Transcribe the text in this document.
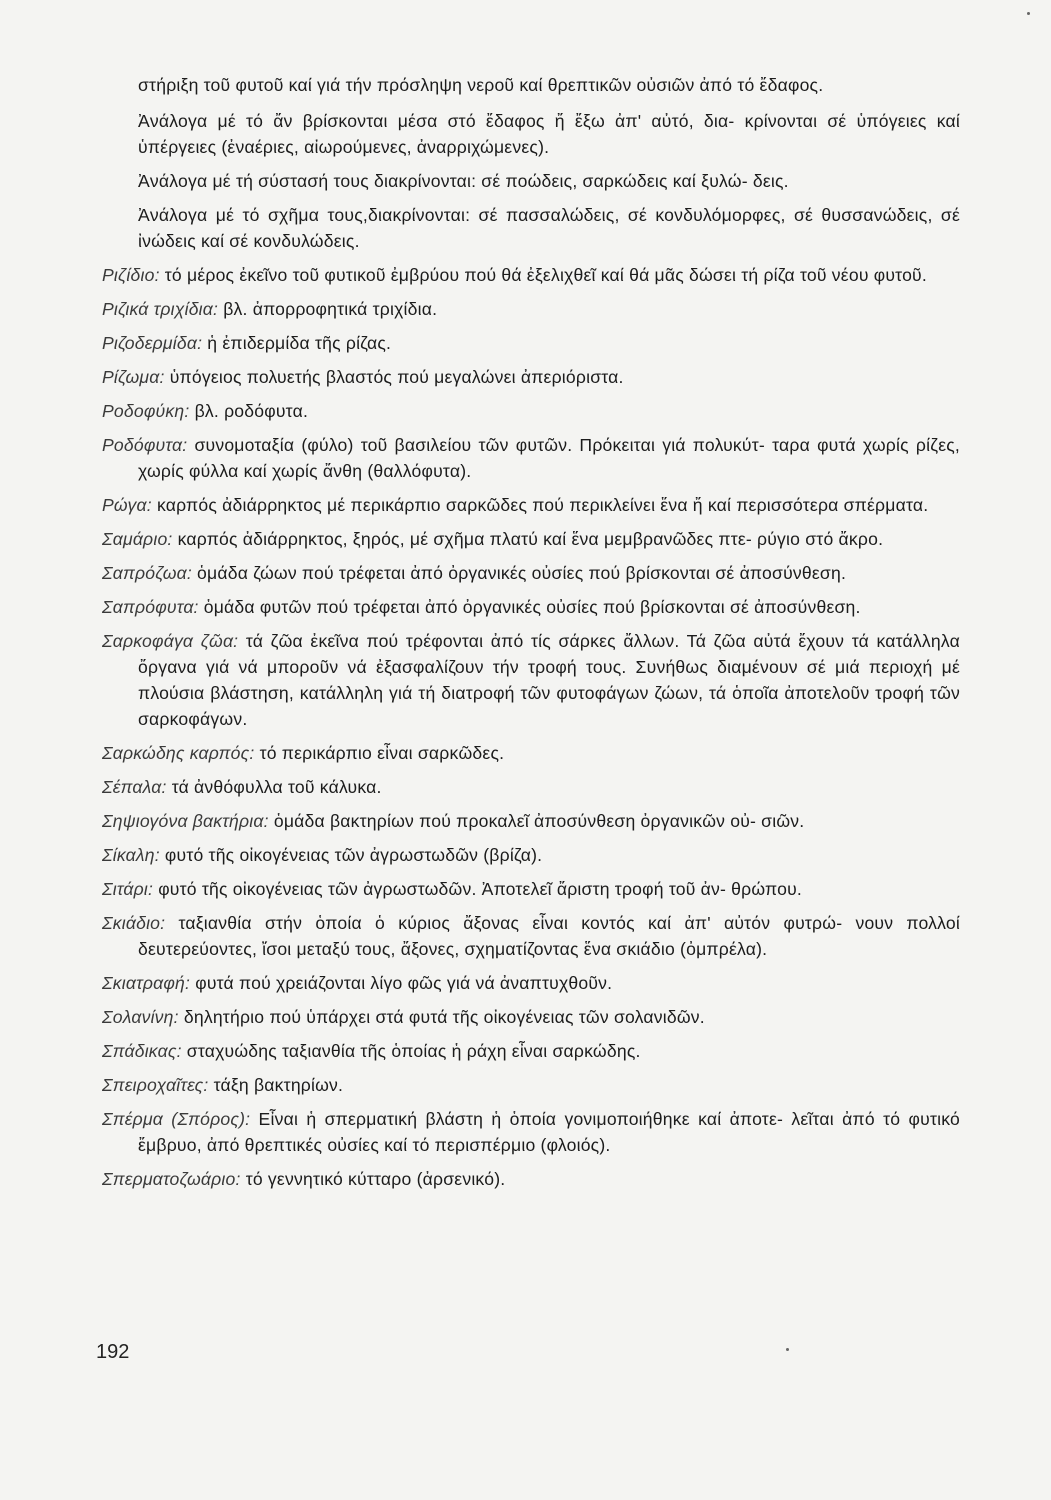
στήριξη τοῦ φυτοῦ καί γιά τήν πρόσληψη νεροῦ καί θρεπτικῶν οὐσιῶν ἀπό τό ἔδαφος.

Ἀνάλογα μέ τό ἄν βρίσκονται μέσα στό ἔδαφος ἤ ἔξω ἀπ' αὐτό, δια- κρίνονται σέ ὑπόγειες καί ὑπέργειες (ἐναέριες, αἰωρούμενες, ἀναρριχώμενες).

Ἀνάλογα μέ τή σύστασή τους διακρίνονται: σέ ποώδεις, σαρκώδεις καί ξυλώ- δεις.

Ἀνάλογα μέ τό σχῆμα τους,διακρίνονται: σέ πασσαλώδεις, σέ κονδυλόμορφες, σέ θυσσανώδεις, σέ ἰνώδεις καί σέ κονδυλώδεις.

Ριζίδιο: τό μέρος ἐκεῖνο τοῦ φυτικοῦ ἐμβρύου πού θά ἐξελιχθεῖ καί θά μᾶς δώσει τή ρίζα τοῦ νέου φυτοῦ.
Ριζικά τριχίδια: βλ. ἀπορροφητικά τριχίδια.
Ριζοδερμίδα: ἡ ἐπιδερμίδα τῆς ρίζας.
Ρίζωμα: ὑπόγειος πολυετής βλαστός πού μεγαλώνει ἀπεριόριστα.
Ροδοφύκη: βλ. ροδόφυτα.
Ροδόφυτα: συνομοταξία (φύλο) τοῦ βασιλείου τῶν φυτῶν. Πρόκειται γιά πολυκύτ- ταρα φυτά χωρίς ρίζες, χωρίς φύλλα καί χωρίς ἄνθη (θαλλόφυτα).
Ρώγα: καρπός ἀδιάρρηκτος μέ περικάρπιο σαρκῶδες πού περικλείνει ἕνα ἤ καί περισσότερα σπέρματα.
Σαμάριο: καρπός ἀδιάρρηκτος, ξηρός, μέ σχῆμα πλατύ καί ἕνα μεμβρανῶδες πτε- ρύγιο στό ἄκρο.
Σαπρόζωα: ὁμάδα ζώων πού τρέφεται ἀπό ὀργανικές οὐσίες πού βρίσκονται σέ ἀποσύνθεση.
Σαπρόφυτα: ὁμάδα φυτῶν πού τρέφεται ἀπό ὀργανικές οὐσίες πού βρίσκονται σέ ἀποσύνθεση.
Σαρκοφάγα ζῶα: τά ζῶα ἐκεῖνα πού τρέφονται ἀπό τίς σάρκες ἄλλων. Τά ζῶα αὐτά ἔχουν τά κατάλληλα ὄργανα γιά νά μποροῦν νά ἐξασφαλίζουν τήν τροφή τους. Συνήθως διαμένουν σέ μιά περιοχή μέ πλούσια βλάστηση, κατάλληλη γιά τή διατροφή τῶν φυτοφάγων ζώων, τά ὁποῖα ἀποτελοῦν τροφή τῶν σαρκοφάγων.
Σαρκώδης καρπός: τό περικάρπιο εἶναι σαρκῶδες.
Σέπαλα: τά ἀνθόφυλλα τοῦ κάλυκα.
Σηψιογόνα βακτήρια: ὁμάδα βακτηρίων πού προκαλεῖ ἀποσύνθεση ὀργανικῶν οὐ- σιῶν.
Σίκαλη: φυτό τῆς οἰκογένειας τῶν ἀγρωστωδῶν (βρίζα).
Σιτάρι: φυτό τῆς οἰκογένειας τῶν ἀγρωστωδῶν. Ἀποτελεῖ ἄριστη τροφή τοῦ ἀν- θρώπου.
Σκιάδιο: ταξιανθία στήν ὁποία ὁ κύριος ἄξονας εἶναι κοντός καί ἀπ' αὐτόν φυτρώ- νουν πολλοί δευτερεύοντες, ἴσοι μεταξύ τους, ἄξονες, σχηματίζοντας ἕνα σκιάδιο (ὀμπρέλα).
Σκιατραφή: φυτά πού χρειάζονται λίγο φῶς γιά νά ἀναπτυχθοῦν.
Σολανίνη: δηλητήριο πού ὑπάρχει στά φυτά τῆς οἰκογένειας τῶν σολανιδῶν.
Σπάδικας: σταχυώδης ταξιανθία τῆς ὁποίας ἡ ράχη εἶναι σαρκώδης.
Σπειροχαῖτες: τάξη βακτηρίων.
Σπέρμα (Σπόρος): Εἶναι ἡ σπερματική βλάστη ἡ ὁποία γονιμοποιήθηκε καί ἀποτε- λεῖται ἀπό τό φυτικό ἔμβρυο, ἀπό θρεπτικές οὐσίες καί τό περισπέρμιο (φλοιός).
Σπερματοζωάριο: τό γεννητικό κύτταρο (ἀρσενικό).
192
